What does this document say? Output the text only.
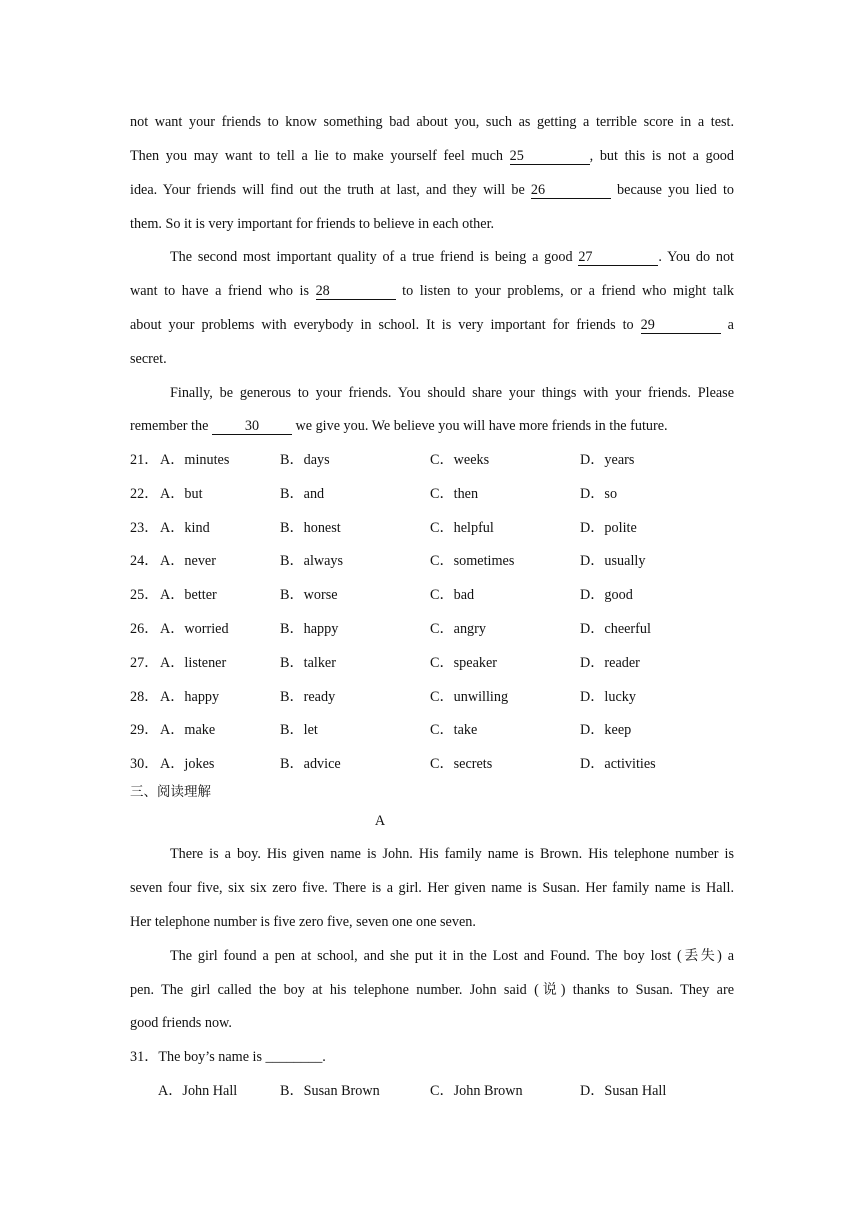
not want your friends to know something bad about you, such as getting a terrible score in a test.
Then you may want to tell a lie to make yourself feel much 25	, but this is not a good
idea. Your friends will find out the truth at last, and they will be 26	because you lied to
them. So it is very important for friends to believe in each other.
The second most important quality of a true friend is being a good 27	. You do not
want to have a friend who is 28	to listen to your problems, or a friend who might talk
about your problems with everybody in school. It is very important for friends to 29	a
secret.
Finally, be generous to your friends. You should share your things with your friends. Please
remember the 30 we give you. We believe you will have more friends in the future.
21． A．minutes	B．days	C．weeks	D．years
22． A．but	B．and	C．then	D．so
23． A．kind	B．honest	C．helpful	D．polite
24． A．never	B．always	C．sometimes	D．usually
25． A．better	B．worse	C．bad	D．good
26． A．worried	B．happy	C．angry	D．cheerful
27． A．listener	B．talker	C．speaker	D．reader
28． A．happy	B．ready	C．unwilling	D．lucky
29． A．make	B．let	C．take	D．keep
30． A．jokes	B．advice	C．secrets	D．activities
三、阅读理解
A
There is a boy. His given name is John. His family name is Brown. His telephone number is
seven four five, six six zero five. There is a girl. Her given name is Susan. Her family name is Hall.
Her telephone number is five zero five, seven one one seven.
The girl found a pen at school, and she put it in the Lost and Found. The boy lost (丢失) a
pen. The girl called the boy at his telephone number. John said (说) thanks to Susan. They are
good friends now.
31．The boy’s name is ________.
A．John Hall	B．Susan Brown	C．John Brown	D．Susan Hall
